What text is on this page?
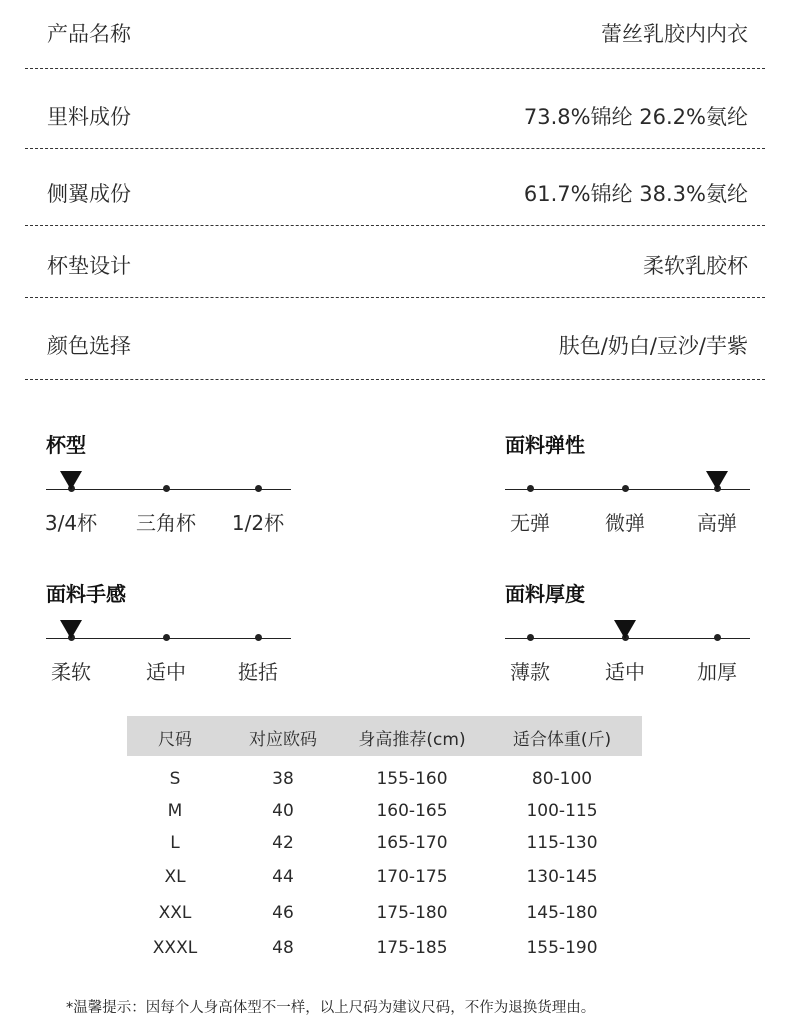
产品名称	蕾丝乳胶内内衣
里料成份	73.8%锦纶 26.2%氨纶
侧翼成份	61.7%锦纶 38.3%氨纶
杯垫设计	柔软乳胶杯
颜色选择	肤色/奶白/豆沙/芋紫
杯型
3/4杯 三角杯 1/2杯
面料弹性
无弹	微弹	高弹
面料手感
柔软	适中	挺括
面料厚度
薄款	适中	加厚
尺码	对应欧码 身高推荐(cm)	适合体重(斤)
S	38	155-160	80-100
M	40	160-165	100-115
L	42	165-170	115-130
XL	44	170-175	130-145
XXL	46	175-180	145-180
XXXL	48	175-185	155-190
*温馨提示：因每个人身高体型不一样，以上尺码为建议尺码，不作为退换货理由。
